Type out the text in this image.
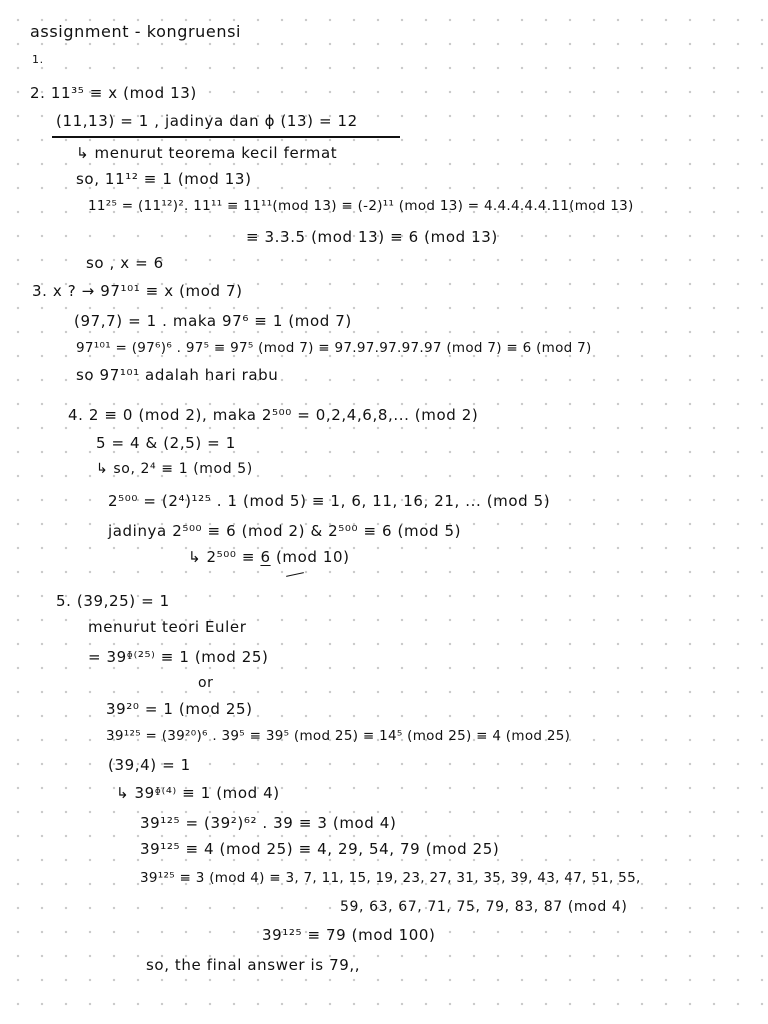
assignment - kongruensi
1.
2. 11³⁵ ≡ x (mod 13)
(11,13) = 1 , jadinya dan ϕ (13) = 12
↳ menurut teorema kecil fermat
so, 11¹² ≡ 1 (mod 13)
11²⁵ = (11¹²)². 11¹¹ ≡ 11¹¹(mod 13) ≡ (-2)¹¹ (mod 13) = 4.4.4.4.4.11(mod 13)
≡ 3.3.5 (mod 13) ≡ 6 (mod 13)
so , x = 6
3. x ? → 97¹⁰¹ ≡ x (mod 7)
(97,7) = 1 . maka 97⁶ ≡ 1 (mod 7)
97¹⁰¹ = (97⁶)⁶ . 97⁵ ≡ 97⁵ (mod 7) ≡ 97.97.97.97.97 (mod 7) ≡ 6 (mod 7)
so 97¹⁰¹ adalah hari rabu
4. 2 ≡ 0 (mod 2), maka 2⁵⁰⁰ = 0,2,4,6,8,... (mod 2)
5 = 4 & (2,5) = 1
↳ so, 2⁴ ≡ 1 (mod 5)
2⁵⁰⁰ = (2⁴)¹²⁵ . 1 (mod 5) ≡ 1, 6, 11, 16, 21, ... (mod 5)
jadinya 2⁵⁰⁰ ≡ 6 (mod 2) & 2⁵⁰⁰ ≡ 6 (mod 5)
↳ 2⁵⁰⁰ ≡ 6 (mod 10)
5. (39,25) = 1
menurut teori Euler
= 39ᶲ⁽²⁵⁾ ≡ 1 (mod 25)
or
39²⁰ = 1 (mod 25)
39¹²⁵ = (39²⁰)⁶ . 39⁵ ≡ 39⁵ (mod 25) ≡ 14⁵ (mod 25) ≡ 4 (mod 25)
(39,4) = 1
↳ 39ᶲ⁽⁴⁾ ≡ 1 (mod 4)
39¹²⁵ = (39²)⁶² . 39 ≡ 3 (mod 4)
39¹²⁵ ≡ 4 (mod 25) ≡ 4, 29, 54, 79 (mod 25)
39¹²⁵ ≡ 3 (mod 4) ≡ 3, 7, 11, 15, 19, 23, 27, 31, 35, 39, 43, 47, 51, 55,
59, 63, 67, 71, 75, 79, 83, 87 (mod 4)
39¹²⁵ ≡ 79 (mod 100)
so, the final answer is 79,,
